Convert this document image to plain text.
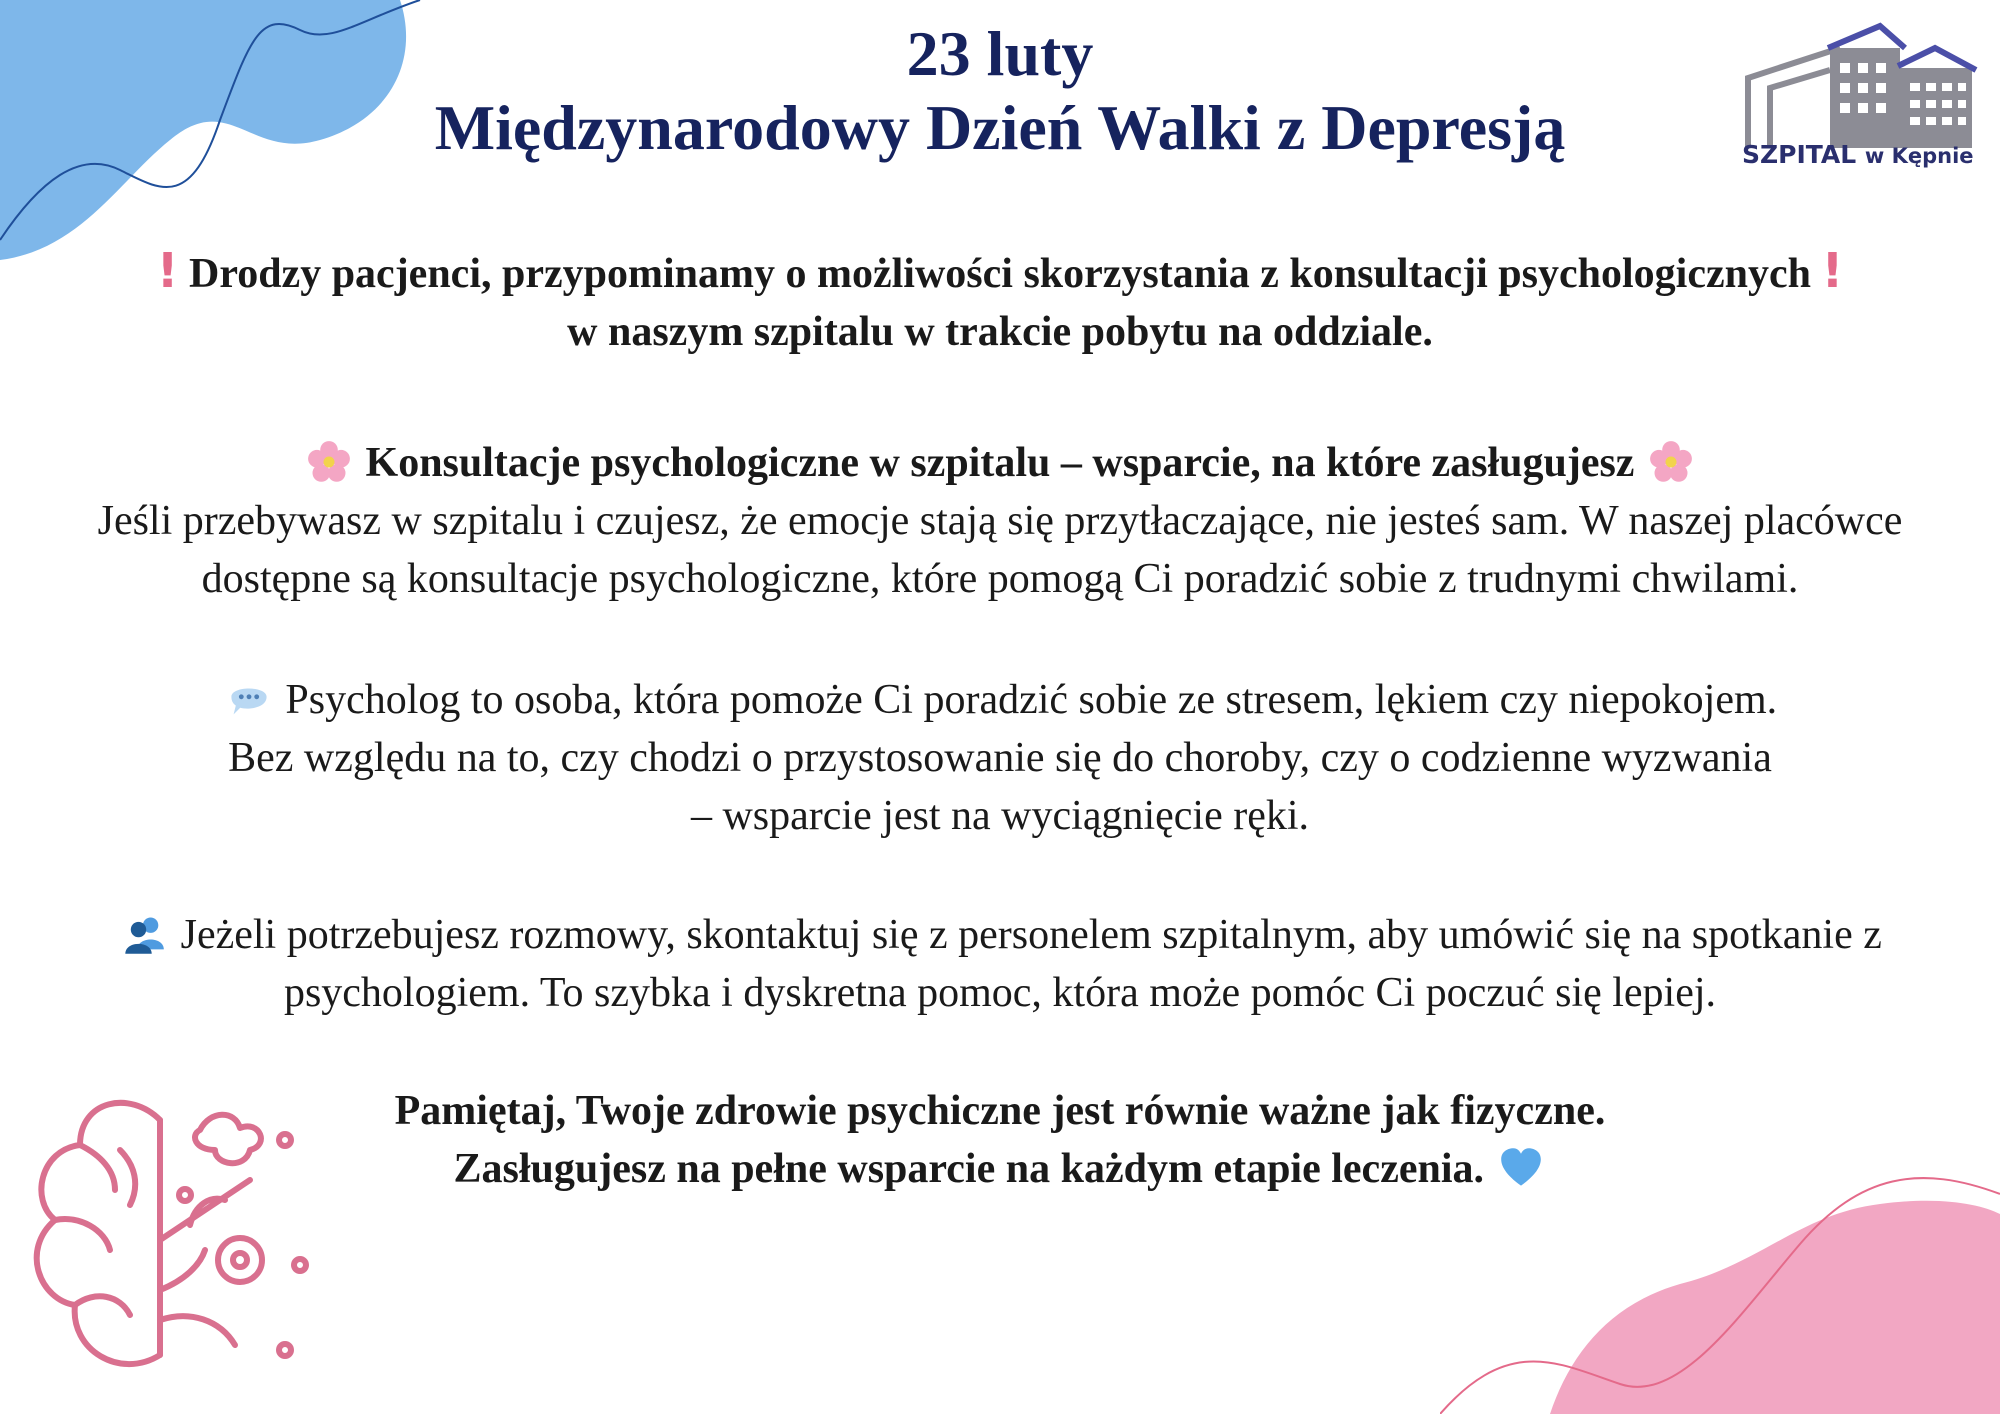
SZPITAL w Kępnie
23 luty
Międzynarodowy Dzień Walki z Depresją
! Drodzy pacjenci, przypominamy o możliwości skorzystania z konsultacji psychologicznych !
w naszym szpitalu w trakcie pobytu na oddziale.
Konsultacje psychologiczne w szpitalu – wsparcie, na które zasługujesz
Jeśli przebywasz w szpitalu i czujesz, że emocje stają się przytłaczające, nie jesteś sam. W naszej placówce
dostępne są konsultacje psychologiczne, które pomogą Ci poradzić sobie z trudnymi chwilami.
Psycholog to osoba, która pomoże Ci poradzić sobie ze stresem, lękiem czy niepokojem.
Bez względu na to, czy chodzi o przystosowanie się do choroby, czy o codzienne wyzwania
– wsparcie jest na wyciągnięcie ręki.
Jeżeli potrzebujesz rozmowy, skontaktuj się z personelem szpitalnym, aby umówić się na spotkanie z
psychologiem. To szybka i dyskretna pomoc, która może pomóc Ci poczuć się lepiej.
Pamiętaj, Twoje zdrowie psychiczne jest równie ważne jak fizyczne.
Zasługujesz na pełne wsparcie na każdym etapie leczenia.
